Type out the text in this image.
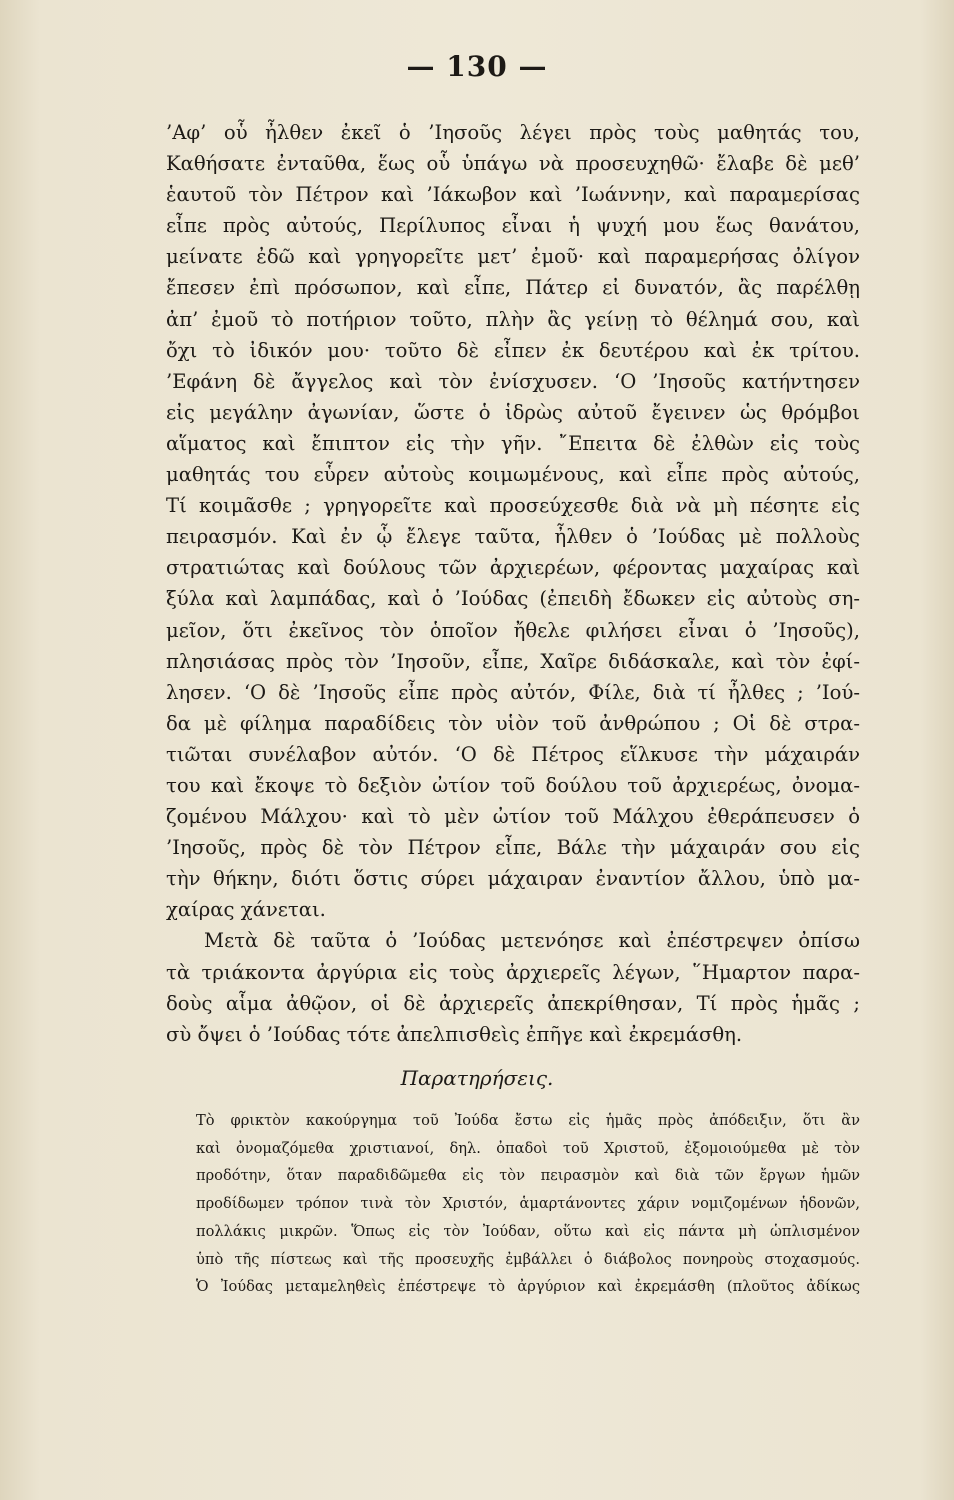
— 130 —
’Αφ’ οὗ ἦλθεν ἐκεῖ ὁ ’Ιησοῦς λέγει πρὸς τοὺς μαθητάς του,
Καθήσατε ἐνταῦθα, ἕως οὗ ὑπάγω νὰ προσευχηθῶ· ἔλαβε δὲ μεθ’
ἑαυτοῦ τὸν Πέτρον καὶ ’Ιάκωβον καὶ ’Ιωάννην, καὶ παραμερίσας
εἶπε πρὸς αὐτούς, Περίλυπος εἶναι ἡ ψυχή μου ἕως θανάτου,
μείνατε ἐδῶ καὶ γρηγορεῖτε μετ’ ἐμοῦ· καὶ παραμερήσας ὀλίγον
ἔπεσεν ἐπὶ πρόσωπον, καὶ εἶπε, Πάτερ εἰ δυνατόν, ἂς παρέλθῃ
ἀπ’ ἐμοῦ τὸ ποτήριον τοῦτο, πλὴν ἂς γείνῃ τὸ θέλημά σου, καὶ
ὄχι τὸ ἰδικόν μου· τοῦτο δὲ εἶπεν ἐκ δευτέρου καὶ ἐκ τρίτου.
’Εφάνη δὲ ἄγγελος καὶ τὸν ἐνίσχυσεν. ‘Ο ’Ιησοῦς κατήντησεν
εἰς μεγάλην ἀγωνίαν, ὥστε ὁ ἱδρὼς αὐτοῦ ἔγεινεν ὡς θρόμβοι
αἵματος καὶ ἔπιπτον εἰς τὴν γῆν. ῎Επειτα δὲ ἐλθὼν εἰς τοὺς
μαθητάς του εὗρεν αὐτοὺς κοιμωμένους, καὶ εἶπε πρὸς αὐτούς,
Τί κοιμᾶσθε ; γρηγορεῖτε καὶ προσεύχεσθε διὰ νὰ μὴ πέσητε εἰς
πειρασμόν. Καὶ ἐν ᾧ ἔλεγε ταῦτα, ἦλθεν ὁ ’Ιούδας μὲ πολλοὺς
στρατιώτας καὶ δούλους τῶν ἀρχιερέων, φέροντας μαχαίρας καὶ
ξύλα καὶ λαμπάδας, καὶ ὁ ’Ιούδας (ἐπειδὴ ἔδωκεν εἰς αὐτοὺς ση-
μεῖον, ὅτι ἐκεῖνος τὸν ὁποῖον ἤθελε φιλήσει εἶναι ὁ ’Ιησοῦς),
πλησιάσας πρὸς τὸν ’Ιησοῦν, εἶπε, Χαῖρε διδάσκαλε, καὶ τὸν ἐφί-
λησεν. ‘Ο δὲ ’Ιησοῦς εἶπε πρὸς αὐτόν, Φίλε, διὰ τί ἦλθες ; ’Ιού-
δα μὲ φίλημα παραδίδεις τὸν υἱὸν τοῦ ἀνθρώπου ; Οἱ δὲ στρα-
τιῶται συνέλαβον αὐτόν. ‘Ο δὲ Πέτρος εἵλκυσε τὴν μάχαιράν
του καὶ ἔκοψε τὸ δεξιὸν ὠτίον τοῦ δούλου τοῦ ἀρχιερέως, ὀνομα-
ζομένου Μάλχου· καὶ τὸ μὲν ὠτίον τοῦ Μάλχου ἐθεράπευσεν ὁ
’Ιησοῦς, πρὸς δὲ τὸν Πέτρον εἶπε, Βάλε τὴν μάχαιράν σου εἰς
τὴν θήκην, διότι ὅστις σύρει μάχαιραν ἐναντίον ἄλλου, ὑπὸ μα-
χαίρας χάνεται.
Μετὰ δὲ ταῦτα ὁ ’Ιούδας μετενόησε καὶ ἐπέστρεψεν ὀπίσω
τὰ τριάκοντα ἀργύρια εἰς τοὺς ἀρχιερεῖς λέγων, ῞Ημαρτον παρα-
δοὺς αἷμα ἀθῷον, οἱ δὲ ἀρχιερεῖς ἀπεκρίθησαν, Τί πρὸς ἡμᾶς ;
σὺ ὄψει ὁ ’Ιούδας τότε ἀπελπισθεὶς ἐπῆγε καὶ ἐκρεμάσθη.
Παρατηρήσεις.
Τὸ φρικτὸν κακούργημα τοῦ Ἰούδα ἔστω εἰς ἡμᾶς πρὸς ἀπόδειξιν, ὅτι ἂν
καὶ ὀνομαζόμεθα χριστιανοί, δηλ. ὀπαδοὶ τοῦ Χριστοῦ, ἐξομοιούμεθα μὲ τὸν
προδότην, ὅταν παραδιδῶμεθα εἰς τὸν πειρασμὸν καὶ διὰ τῶν ἔργων ἡμῶν
προδίδωμεν τρόπον τινὰ τὸν Χριστόν, ἁμαρτάνοντες χάριν νομιζομένων ἡδονῶν,
πολλάκις μικρῶν. Ὅπως εἰς τὸν Ἰούδαν, οὕτω καὶ εἰς πάντα μὴ ὡπλισμένον
ὑπὸ τῆς πίστεως καὶ τῆς προσευχῆς ἐμβάλλει ὁ διάβολος πονηροὺς στοχασμούς.
Ὁ Ἰούδας μεταμεληθεὶς ἐπέστρεψε τὸ ἀργύριον καὶ ἐκρεμάσθη (πλοῦτος ἀδίκως
